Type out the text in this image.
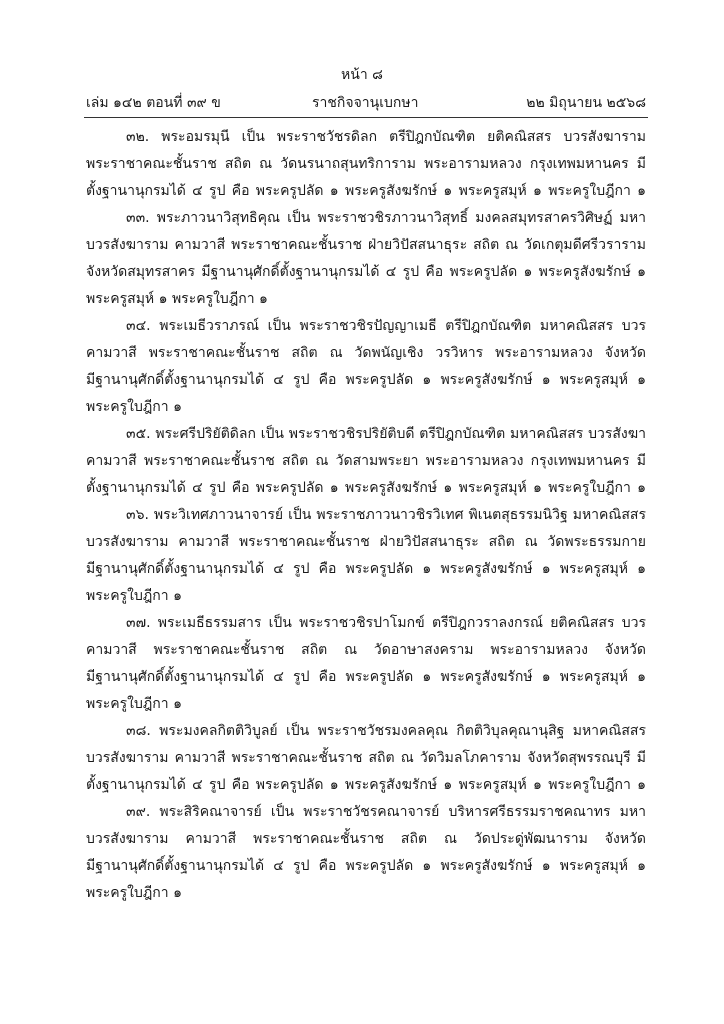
หน้า ๘
เล่ม ๑๔๒ ตอนที่ ๓๙ ข	ราชกิจจานุเบกษา	๒๒ มิถุนายน ๒๕๖๘
๓๒. พระอมรมุนี เป็น พระราชวัชรดิลก ตรีปิฎกบัณฑิต ยติคณิสสร บวรสังฆาราม
พระราชาคณะชั้นราช สถิต ณ วัดนรนาถสุนทริการาม พระอารามหลวง กรุงเทพมหานคร มี
ตั้งฐานานุกรมได้ ๔ รูป คือ พระครูปลัด ๑ พระครูสังฆรักษ์ ๑ พระครูสมุห์ ๑ พระครูใบฎีกา ๑
๓๓. พระภาวนาวิสุทธิคุณ เป็น พระราชวชิรภาวนาวิสุทธิ์ มงคลสมุทรสาครวิศิษฏ์ มหา
บวรสังฆาราม คามวาสี พระราชาคณะชั้นราช ฝ่ายวิปัสสนาธุระ สถิต ณ วัดเกตุมดีศรีวราราม
จังหวัดสมุทรสาคร มีฐานานุศักดิ์ตั้งฐานานุกรมได้ ๔ รูป คือ พระครูปลัด ๑ พระครูสังฆรักษ์ ๑
พระครูสมุห์ ๑ พระครูใบฎีกา ๑
๓๔. พระเมธีวราภรณ์ เป็น พระราชวชิรปัญญาเมธี ตรีปิฎกบัณฑิต มหาคณิสสร บวร
คามวาสี พระราชาคณะชั้นราช สถิต ณ วัดพนัญเชิง วรวิหาร พระอารามหลวง จังหวัด
มีฐานานุศักดิ์ตั้งฐานานุกรมได้ ๔ รูป คือ พระครูปลัด ๑ พระครูสังฆรักษ์ ๑ พระครูสมุห์ ๑
พระครูใบฎีกา ๑
๓๕. พระศรีปริยัติดิลก เป็น พระราชวชิรปริยัติบดี ตรีปิฎกบัณฑิต มหาคณิสสร บวรสังฆา
คามวาสี พระราชาคณะชั้นราช สถิต ณ วัดสามพระยา พระอารามหลวง กรุงเทพมหานคร มี
ตั้งฐานานุกรมได้ ๔ รูป คือ พระครูปลัด ๑ พระครูสังฆรักษ์ ๑ พระครูสมุห์ ๑ พระครูใบฎีกา ๑
๓๖. พระวิเทศภาวนาจารย์ เป็น พระราชภาวนาวชิรวิเทศ พิเนตสุธรรมนิวิฐ มหาคณิสสร
บวรสังฆาราม คามวาสี พระราชาคณะชั้นราช ฝ่ายวิปัสสนาธุระ สถิต ณ วัดพระธรรมกาย
มีฐานานุศักดิ์ตั้งฐานานุกรมได้ ๔ รูป คือ พระครูปลัด ๑ พระครูสังฆรักษ์ ๑ พระครูสมุห์ ๑
พระครูใบฎีกา ๑
๓๗. พระเมธีธรรมสาร เป็น พระราชวชิรปาโมกข์ ตรีปิฎกวราลงกรณ์ ยติคณิสสร บวร
คามวาสี พระราชาคณะชั้นราช สถิต ณ วัดอาษาสงคราม พระอารามหลวง จังหวัด
มีฐานานุศักดิ์ตั้งฐานานุกรมได้ ๔ รูป คือ พระครูปลัด ๑ พระครูสังฆรักษ์ ๑ พระครูสมุห์ ๑
พระครูใบฎีกา ๑
๓๘. พระมงคลกิตติวิบูลย์ เป็น พระราชวัชรมงคลคุณ กิตติวิบุลคุณานุสิฐ มหาคณิสสร
บวรสังฆาราม คามวาสี พระราชาคณะชั้นราช สถิต ณ วัดวิมลโภคาราม จังหวัดสุพรรณบุรี มี
ตั้งฐานานุกรมได้ ๔ รูป คือ พระครูปลัด ๑ พระครูสังฆรักษ์ ๑ พระครูสมุห์ ๑ พระครูใบฎีกา ๑
๓๙. พระสิริคณาจารย์ เป็น พระราชวัชรคณาจารย์ บริหารศรีธรรมราชคณาทร มหา
บวรสังฆาราม คามวาสี พระราชาคณะชั้นราช สถิต ณ วัดประดู่พัฒนาราม จังหวัด
มีฐานานุศักดิ์ตั้งฐานานุกรมได้ ๔ รูป คือ พระครูปลัด ๑ พระครูสังฆรักษ์ ๑ พระครูสมุห์ ๑
พระครูใบฎีกา ๑
